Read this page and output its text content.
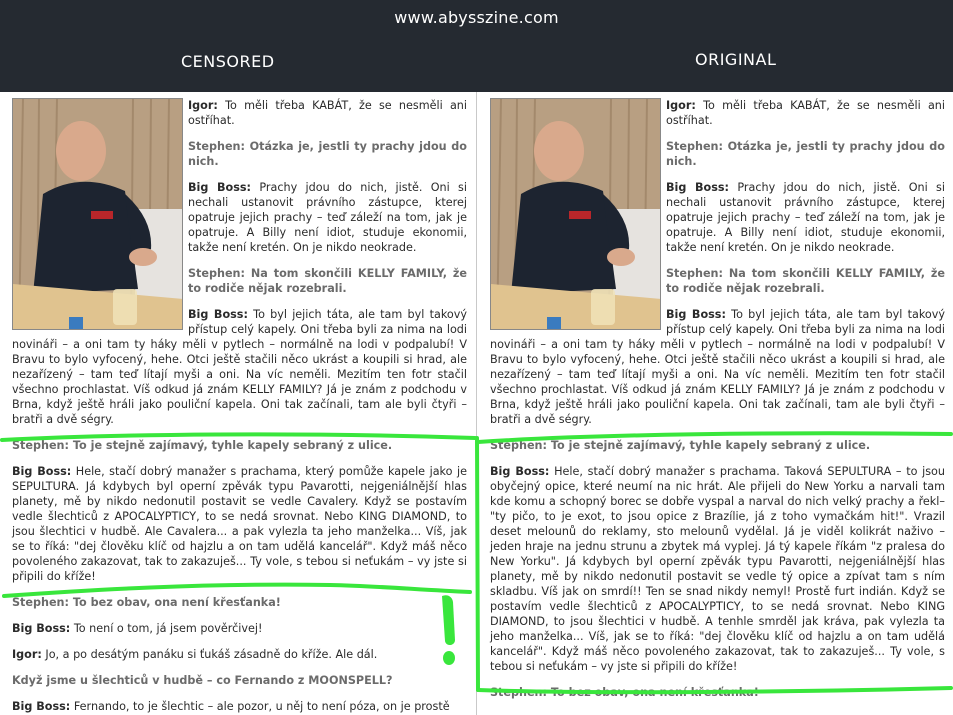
www.abysszine.com
CENSORED	ORIGINAL

Igor: To měli třeba KABÁT, že se nesměli ani ostříhat.

Stephen: Otázka je, jestli ty prachy jdou do nich.

Big Boss: Prachy jdou do nich, jistě. Oni si nechali ustanovit právního zástupce, kterej opatruje jejich prachy – teď záleží na tom, jak je opatruje. A Billy není idiot, studuje ekonomii, takže není kretén. On je nikdo neokrade.

Stephen: Na tom skončili KELLY FAMILY, že to rodiče nějak rozebrali.

Big Boss: To byl jejich táta, ale tam byl takový přístup celý kapely. Oni třeba byli za nima na lodi novináři – a oni tam ty háky měli v pytlech – normálně na lodi v podpalubí! V Bravu to bylo vyfocený, hehe. Otci ještě stačili něco ukrást a koupili si hrad, ale nezařízený – tam teď lítají myši a oni. Na víc neměli. Mezitím ten fotr stačil všechno prochlastat. Víš odkud já znám KELLY FAMILY? Já je znám z podchodu v Brna, když ještě hráli jako pouliční kapela. Oni tak začínali, tam ale byli čtyři – bratři a dvě ségry.

Stephen: To je stejně zajímavý, tyhle kapely sebraný z ulice.

Big Boss: Hele, stačí dobrý manažer s prachama, který pomůže kapele jako je SEPULTURA. Já kdybych byl operní zpěvák typu Pavarotti, nejgeniálnější hlas planety, mě by nikdo nedonutil postavit se vedle Cavalery. Když se postavím vedle šlechticů z APOCALYPTICY, to se nedá srovnat. Nebo KING DIAMOND, to jsou šlechtici v hudbě. Ale Cavalera... a pak vylezla ta jeho manželka... Víš, jak se to říká: "dej člověku klíč od hajzlu a on tam udělá kancelář". Když máš něco povoleného zakazovat, tak to zakazuješ... Ty vole, s tebou si neťukám – vy jste si připili do kříže!

Stephen: To bez obav, ona není křesťanka!

Big Boss: To není o tom, já jsem pověrčivej!

Igor: Jo, a po desátým panáku si ťukáš zásadně do kříže. Ale dál.

Když jsme u šlechticů v hudbě – co Fernando z MOONSPELL?

Big Boss: Fernando, to je šlechtic – ale pozor, u něj to není póza, on je prostě

Igor: To měli třeba KABÁT, že se nesměli ani ostříhat.

Stephen: Otázka je, jestli ty prachy jdou do nich.

Big Boss: Prachy jdou do nich, jistě. Oni si nechali ustanovit právního zástupce, kterej opatruje jejich prachy – teď záleží na tom, jak je opatruje. A Billy není idiot, studuje ekonomii, takže není kretén. On je nikdo neokrade.

Stephen: Na tom skončili KELLY FAMILY, že to rodiče nějak rozebrali.

Big Boss: To byl jejich táta, ale tam byl takový přístup celý kapely. Oni třeba byli za nima na lodi novináři – a oni tam ty háky měli v pytlech – normálně na lodi v podpalubí! V Bravu to bylo vyfocený, hehe. Otci ještě stačili něco ukrást a koupili si hrad, ale nezařízený – tam teď lítají myši a oni. Na víc neměli. Mezitím ten fotr stačil všechno prochlastat. Víš odkud já znám KELLY FAMILY? Já je znám z podchodu v Brna, když ještě hráli jako pouliční kapela. Oni tak začínali, tam ale byli čtyři – bratři a dvě ségry.

Stephen: To je stejně zajímavý, tyhle kapely sebraný z ulice.

Big Boss: Hele, stačí dobrý manažer s prachama. Taková SEPULTURA – to jsou obyčejný opice, které neumí na nic hrát. Ale přijeli do New Yorku a narvali tam kde komu a schopný borec se dobře vyspal a narval do nich velký prachy a řekl– "ty pičo, to je exot, to jsou opice z Brazílie, já z toho vymačkám hit!". Vrazil deset melounů do reklamy, sto melounů vydělal. Já je viděl kolikrát naživo – jeden hraje na jednu strunu a zbytek má vyplej. Já tý kapele říkám "z pralesa do New Yorku". Já kdybych byl operní zpěvák typu Pavarotti, nejgeniálnější hlas planety, mě by nikdo nedonutil postavit se vedle tý opice a zpívat tam s ním skladbu. Víš jak on smrdí!! Ten se snad nikdy nemyl! Prostě furt indián. Když se postavím vedle šlechticů z APOCALYPTICY, to se nedá srovnat. Nebo KING DIAMOND, to jsou šlechtici v hudbě. A tenhle smrděl jak kráva, pak vylezla ta jeho manželka... Víš, jak se to říká: "dej člověku klíč od hajzlu a on tam udělá kancelář". Když máš něco povoleného zakazovat, tak to zakazuješ... Ty vole, s tebou si neťukám – vy jste si připili do kříže!

Stephen: To bez obav, ona není křesťanka!
